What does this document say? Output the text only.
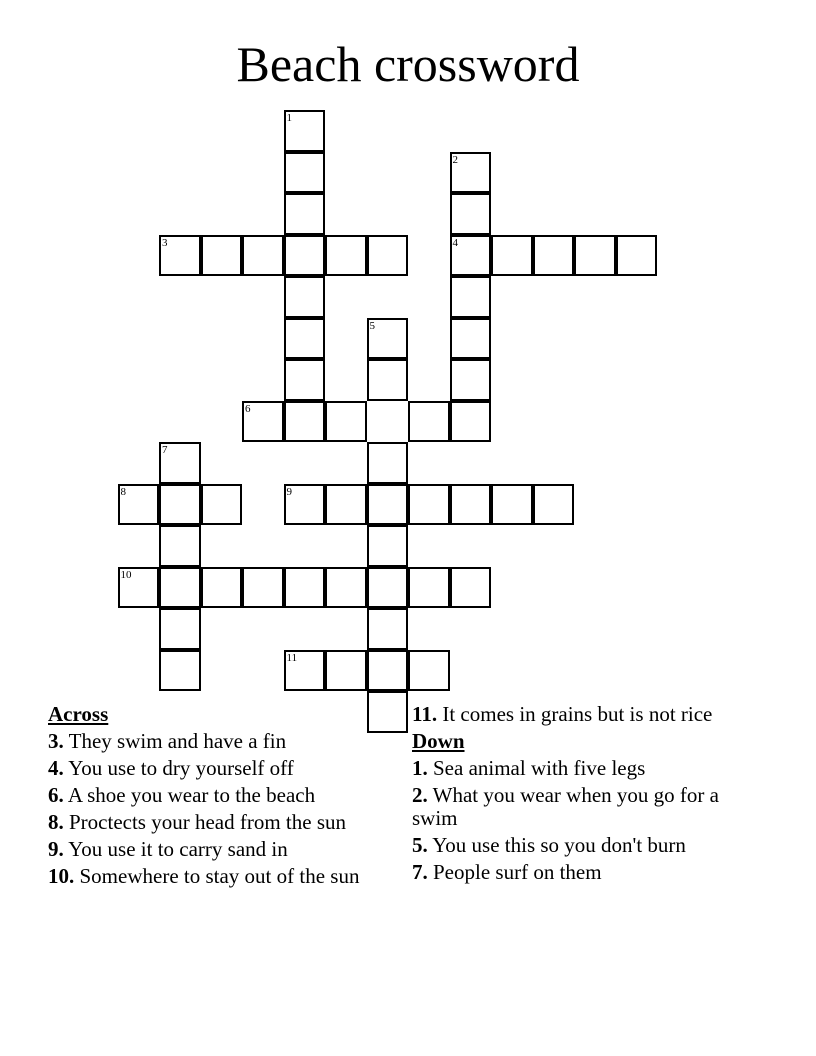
Beach crossword
1
2
4
3
5
6
7
8	9
10
11
Across
3. They swim and have a fin
4. You use to dry yourself off
6. A shoe you wear to the beach
8. Proctects your head from the sun
9. You use it to carry sand in
10. Somewhere to stay out of the sun
11. It comes in grains but is not rice
Down
1. Sea animal with five legs
2. What you wear when you go for a swim
5. You use this so you don't burn
7. People surf on them
